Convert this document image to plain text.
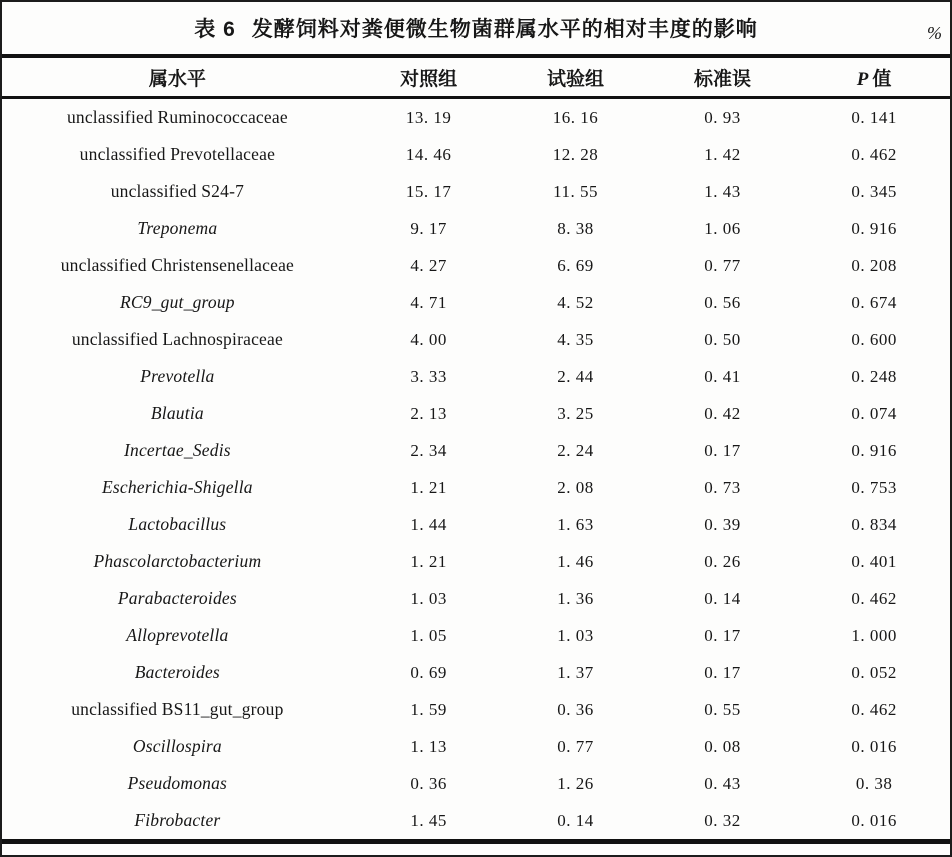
表 6 发酵饲料对粪便微生物菌群属水平的相对丰度的影响	%
属水平	对照组	试验组	标准误	P 值
unclassified Ruminococcaceae	13. 19	16. 16	0. 93	0. 141
unclassified Prevotellaceae	14. 46	12. 28	1. 42	0. 462
unclassified S24-7	15. 17	11. 55	1. 43	0. 345
Treponema	9. 17	8. 38	1. 06	0. 916
unclassified Christensenellaceae	4. 27	6. 69	0. 77	0. 208
RC9_gut_group	4. 71	4. 52	0. 56	0. 674
unclassified Lachnospiraceae	4. 00	4. 35	0. 50	0. 600
Prevotella	3. 33	2. 44	0. 41	0. 248
Blautia	2. 13	3. 25	0. 42	0. 074
Incertae_Sedis	2. 34	2. 24	0. 17	0. 916
Escherichia-Shigella	1. 21	2. 08	0. 73	0. 753
Lactobacillus	1. 44	1. 63	0. 39	0. 834
Phascolarctobacterium	1. 21	1. 46	0. 26	0. 401
Parabacteroides	1. 03	1. 36	0. 14	0. 462
Alloprevotella	1. 05	1. 03	0. 17	1. 000
Bacteroides	0. 69	1. 37	0. 17	0. 052
unclassified BS11_gut_group	1. 59	0. 36	0. 55	0. 462
Oscillospira	1. 13	0. 77	0. 08	0. 016
Pseudomonas	0. 36	1. 26	0. 43	0. 38
Fibrobacter	1. 45	0. 14	0. 32	0. 016
